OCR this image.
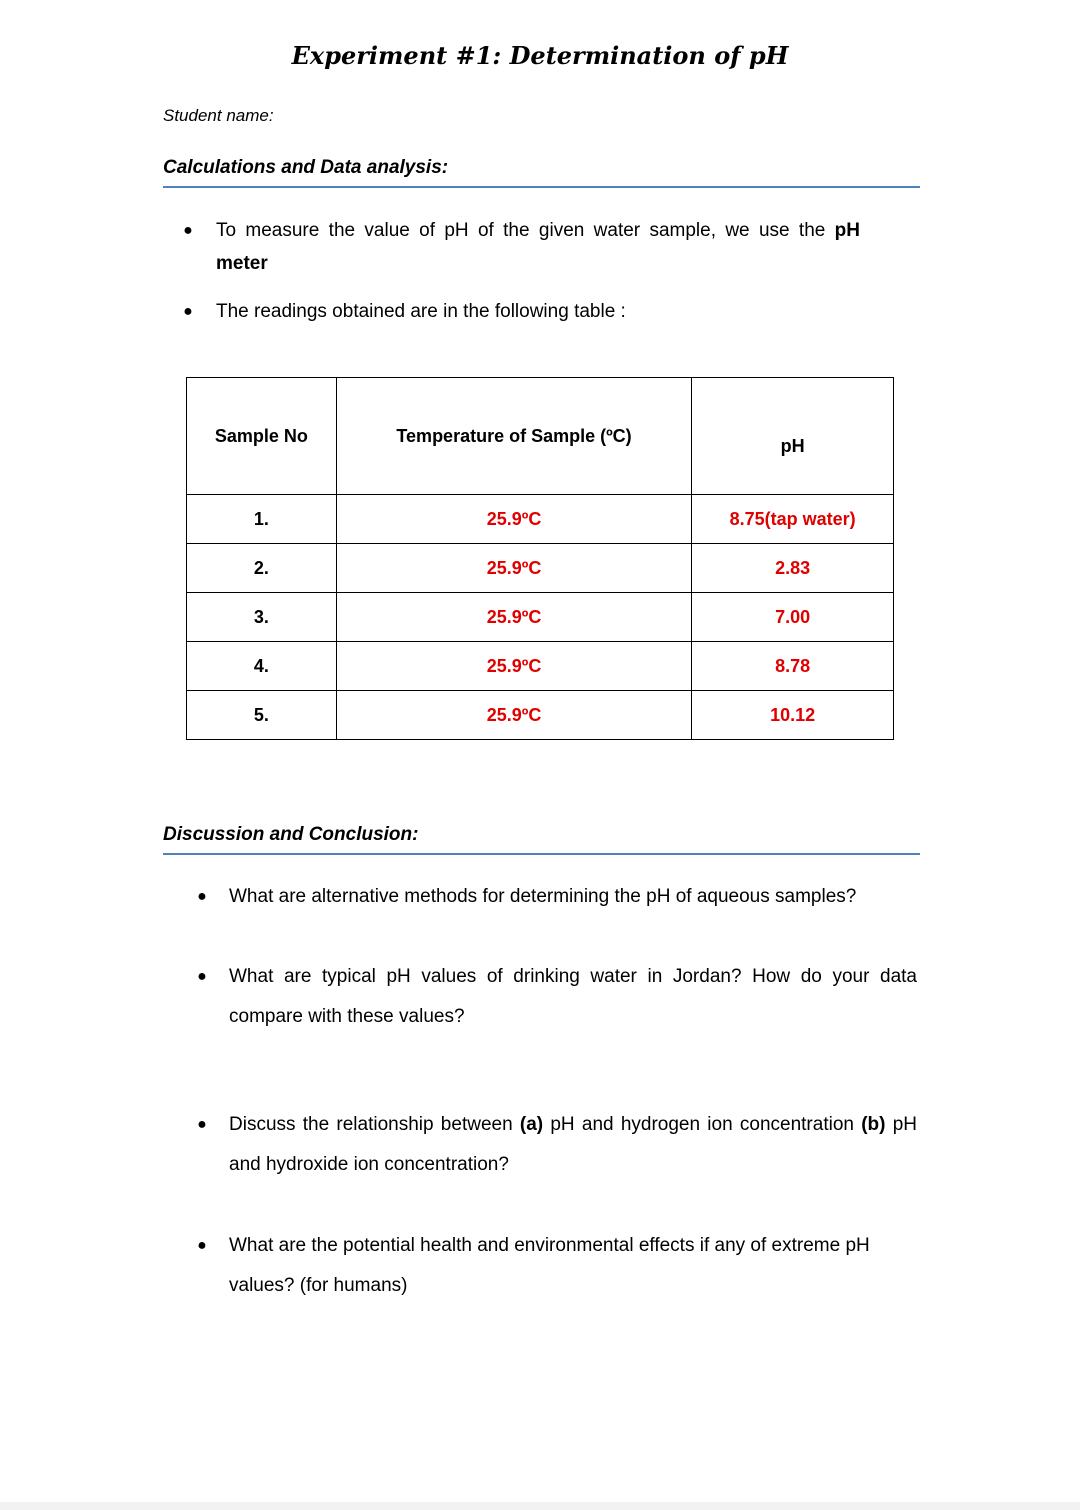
Experiment #1: Determination of pH
Student name:
Calculations and Data analysis:
● To measure the value of pH of the given water sample, we use the pH meter
● The readings obtained are in the following table :
Sample No	Temperature of Sample (ºC)	pH
1.	25.9ºC	8.75(tap water)
2.	25.9ºC	2.83
3.	25.9ºC	7.00
4.	25.9ºC	8.78
5.	25.9ºC	10.12
Discussion and Conclusion:
● What are alternative methods for determining the pH of aqueous samples?
● What are typical pH values of drinking water in Jordan? How do your data compare with these values?
● Discuss the relationship between (a) pH and hydrogen ion concentration (b) pH and hydroxide ion concentration?
● What are the potential health and environmental effects if any of extreme pH values? (for humans)
